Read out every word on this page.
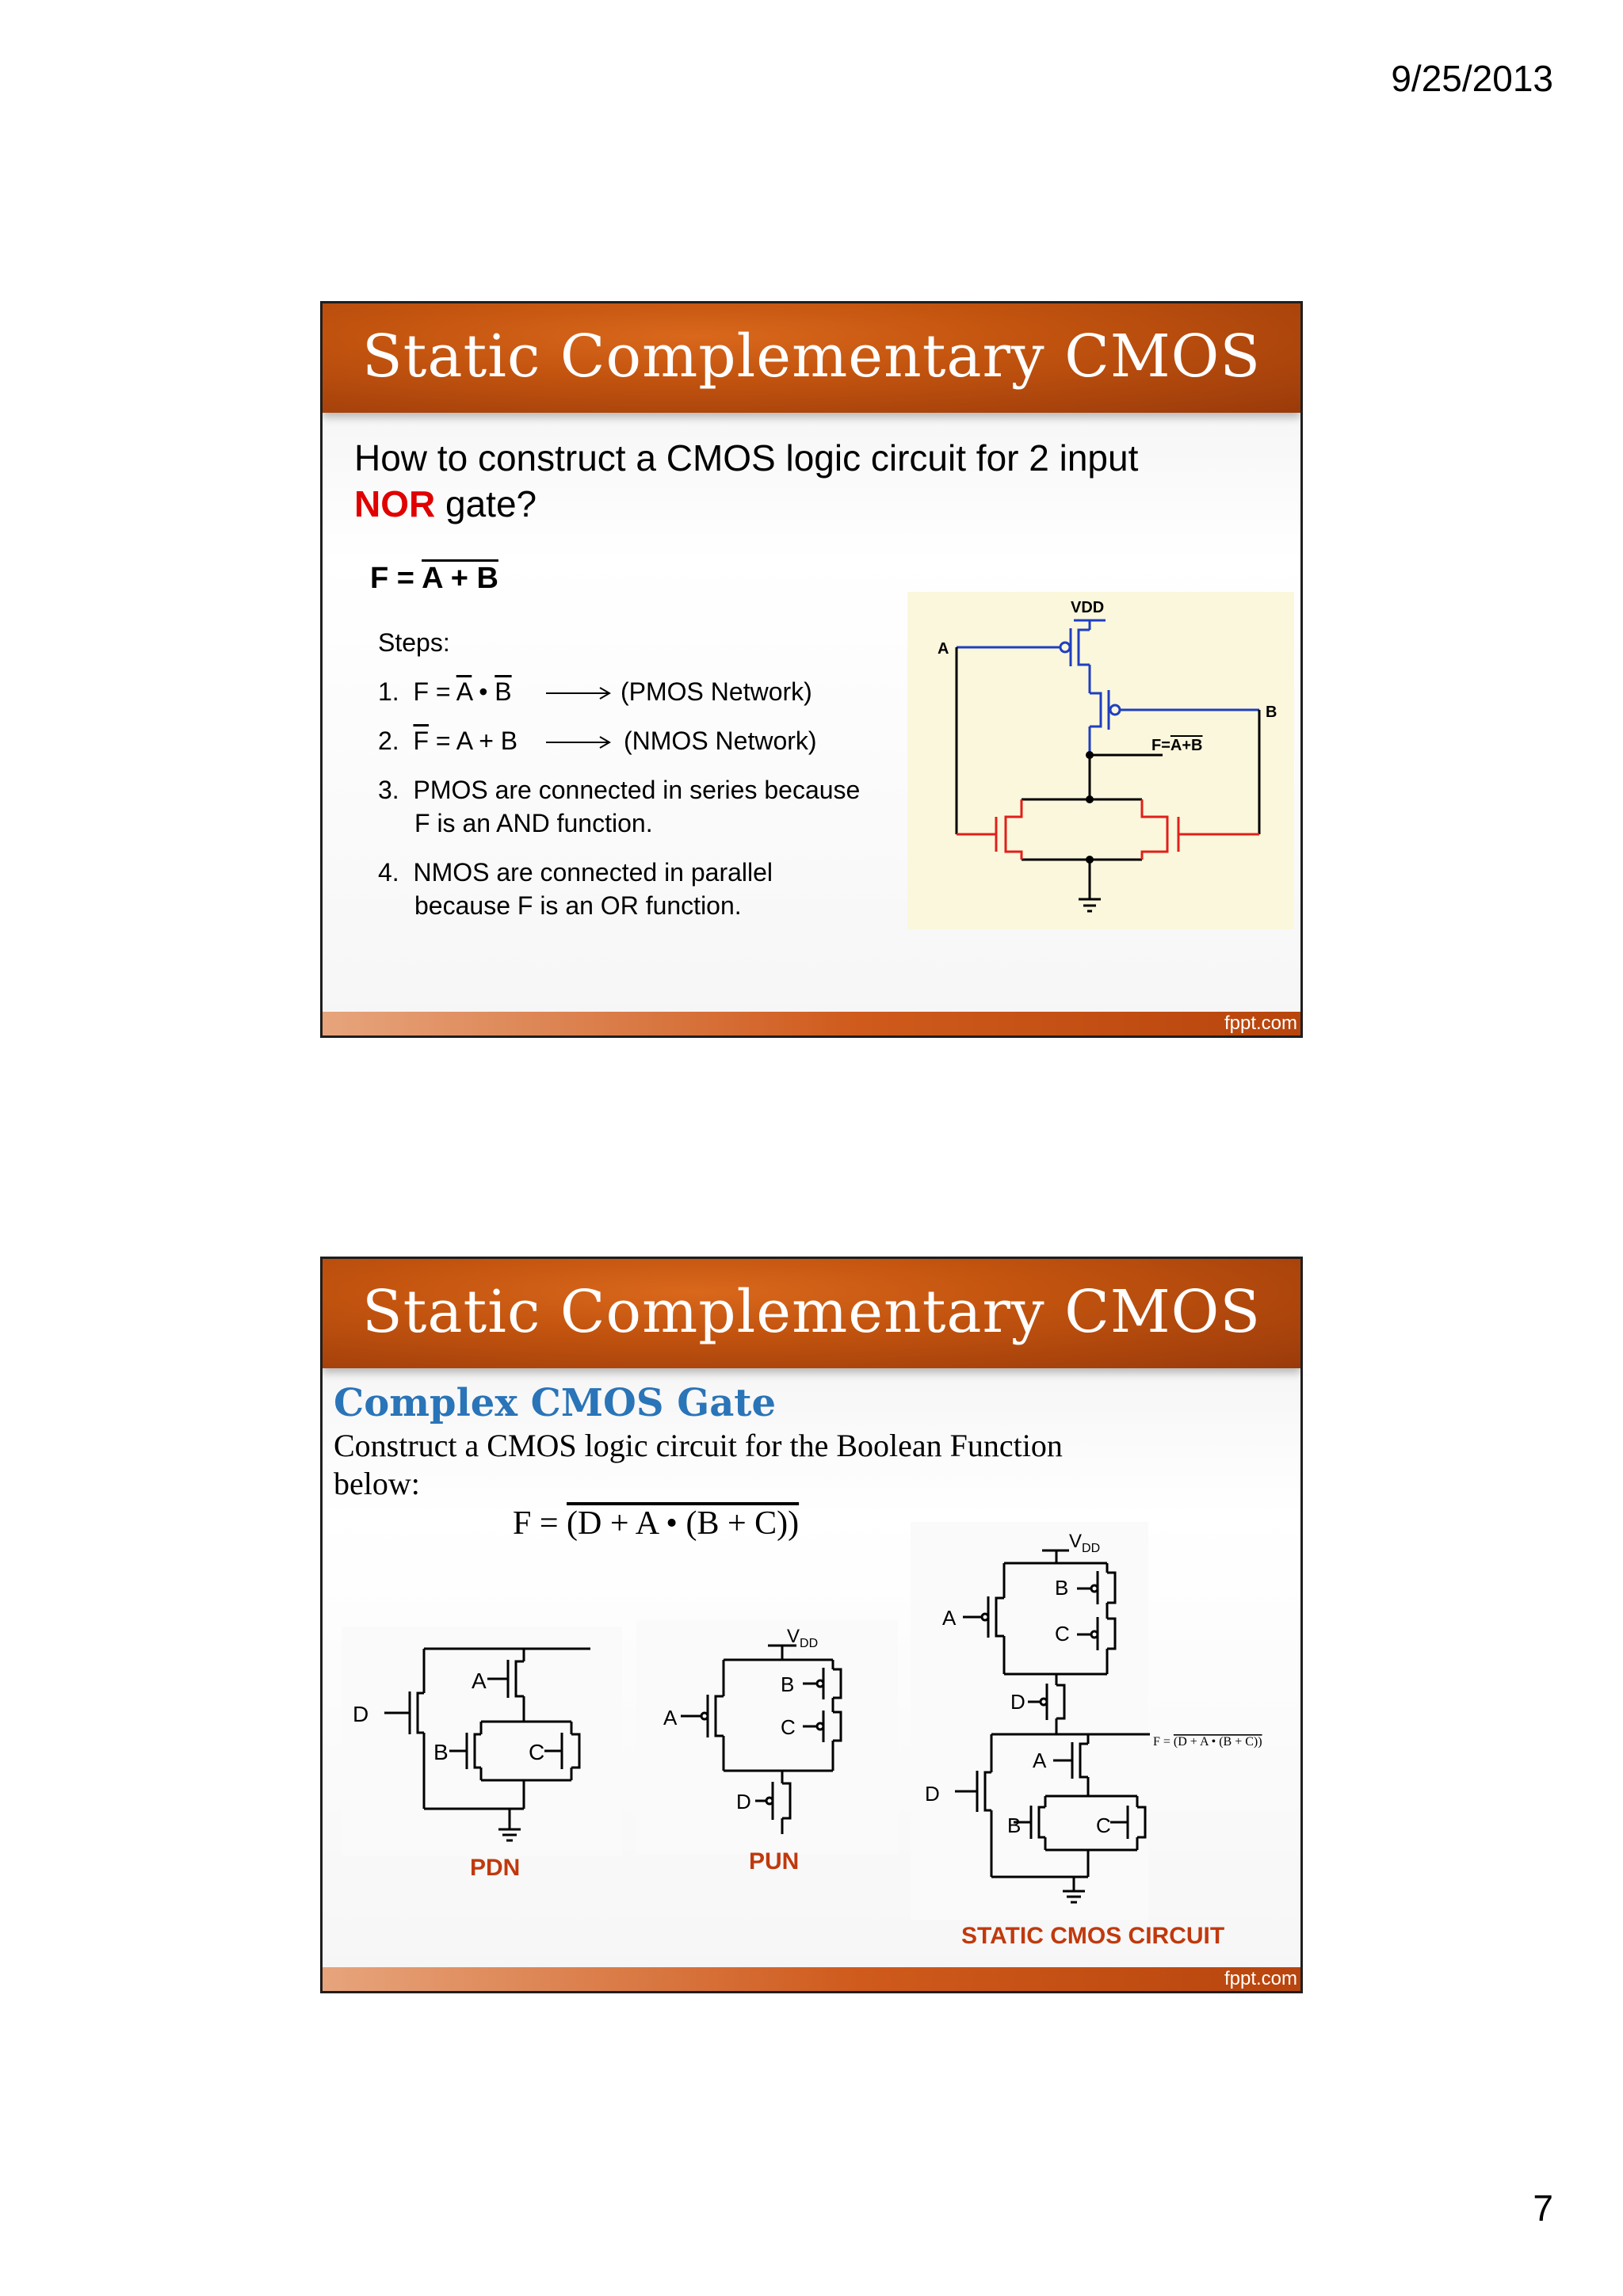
9/25/2013
Static Complementary CMOS
How to construct a CMOS logic circuit for 2 input
NOR gate?
F = A + B
Steps:
1. $F = \overline{A}$ • $\overline{B}$	(PMOS Network)
2. $\overline{F} = A + B$	(NMOS Network)
3. PMOS are connected in series because
F is an AND function.
4. NMOS are connected in parallel
because F is an OR function.
VDD
A
B
F=A+B
fppt.com
Static Complementary CMOS
Complex CMOS Gate
Construct a CMOS logic circuit for the Boolean Function
below:
F = (D + A • (B + C))
D
A
B	C
PDN
$V_{DD}$
A
B
C
D
PUN
$V_{DD}$
A
B
C
D
F = (D + A • (B + C))
D
A
B	C
STATIC CMOS CIRCUIT
fppt.com
7
